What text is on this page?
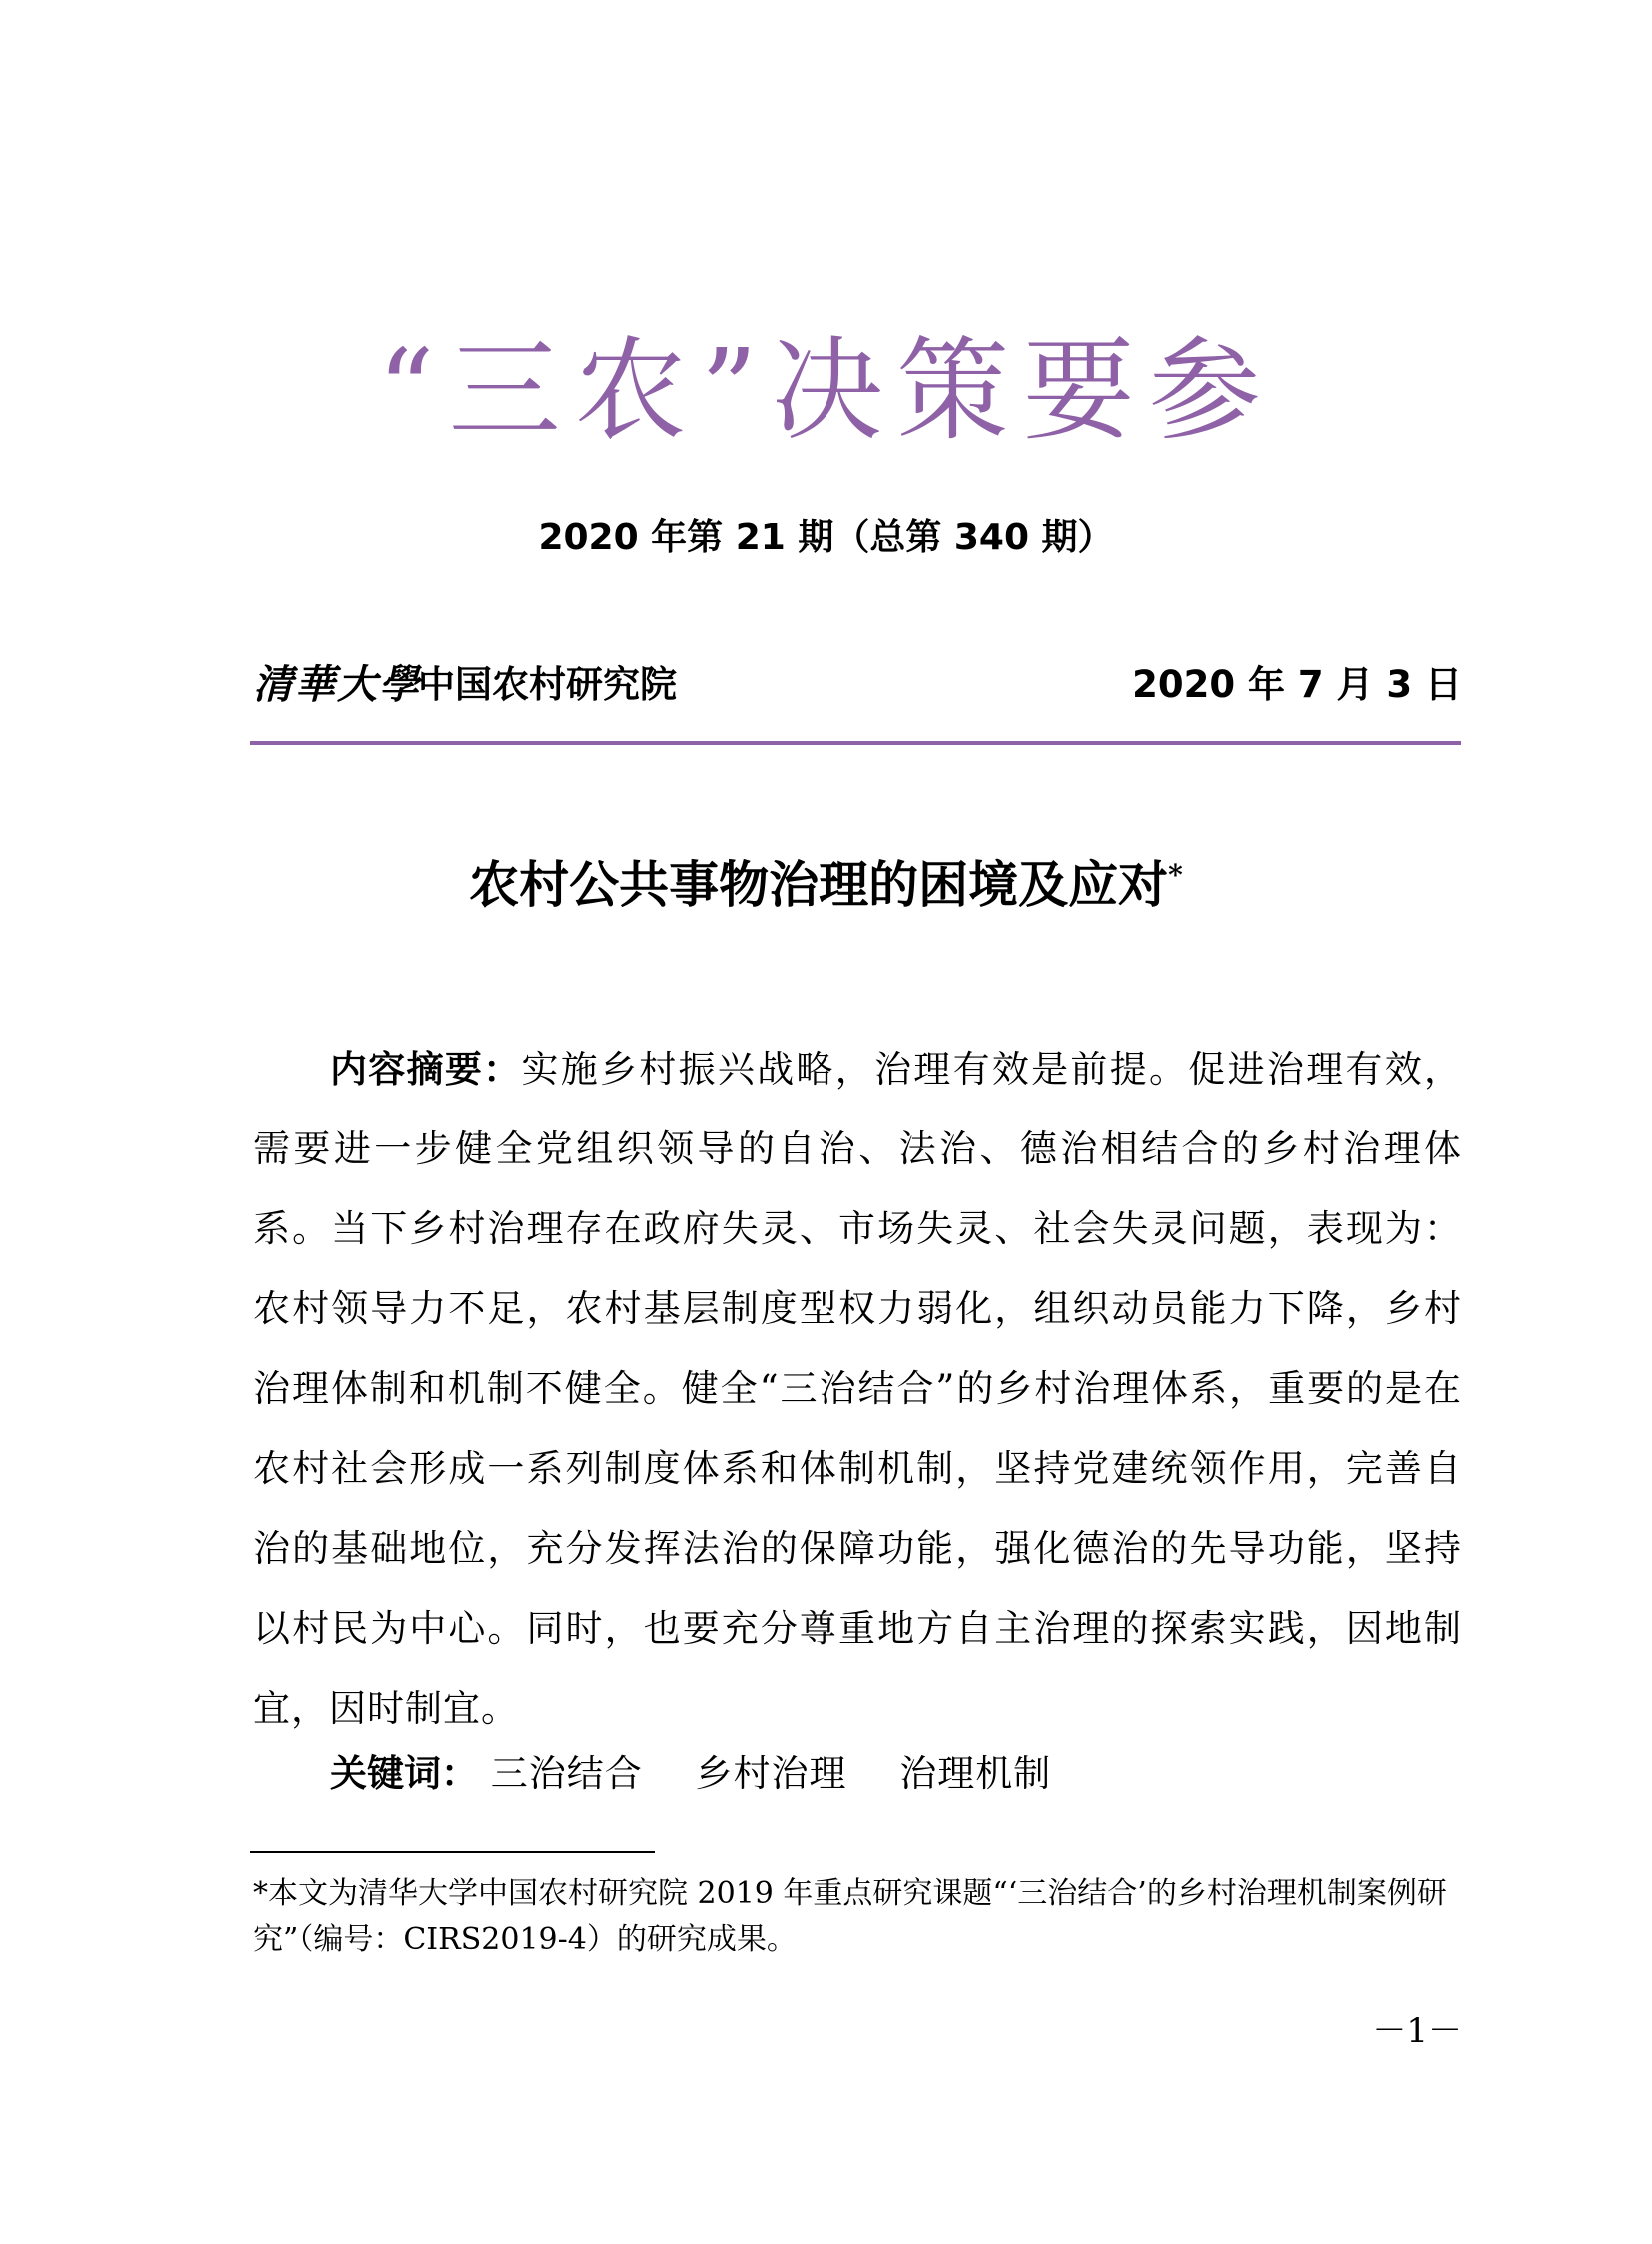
“三农”决策要参
2020 年第 21 期（总第 340 期）
清華大學
中国农村研究院	2020 年 7 月 3 日
农村公共事物治理的困境及应对*

内容摘要：实施乡村振兴战略，治理有效是前提。促进治理有效，需要进一步健全党组织领导的自治、法治、德治相结合的乡村治理体系。当下乡村治理存在政府失灵、市场失灵、社会失灵问题，表现为：农村领导力不足，农村基层制度型权力弱化，组织动员能力下降，乡村治理体制和机制不健全。健全“三治结合”的乡村治理体系，重要的是在农村社会形成一系列制度体系和体制机制，坚持党建统领作用，完善自治的基础地位，充分发挥法治的保障功能，强化德治的先导功能，坚持以村民为中心。同时，也要充分尊重地方自主治理的探索实践，因地制宜，因时制宜。

关键词： 三治结合 乡村治理 治理机制

*本文为清华大学中国农村研究院 2019 年重点研究课题“‘三治结合’的乡村治理机制案例研究”（编号：CIRS2019-4）的研究成果。

－1－
